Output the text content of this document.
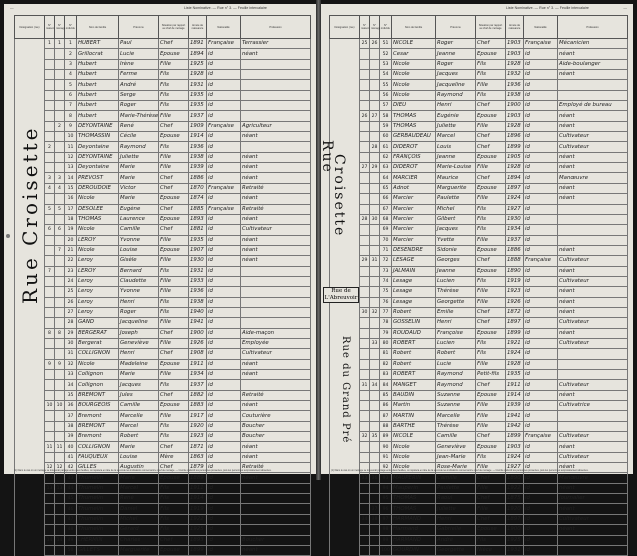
Liste Nominative. — Rue n° 3. — Feuille intercalaire
—
Désignation (rue)	N° maison	N° ménage	N° individu	Nom de famille	Prénoms	Situation par rapport au chef de ménage	Année de naissance	Nationalité	Profession
	1	1	1	HUBERT	Paul	Chef	1891	Française	Terrassier
			2	Grillocrat	Lucie	Epouse	1894	id	néant
			3	Hubert	Irène	Fille	1925	id	
			4	Hubert	Ferme	Fils	1928	id	
			5	Hubert	André	Fils	1931	id	
			6	Hubert	Serge	Fils	1935	id	
			7	Hubert	Roger	Fils	1935	id	
			8	Hubert	Marie-Thérèse	Fille	1937	id	
		2	9	DEYONTAINE	René	Chef	1909	Française	Agriculteur
			10	THOMASSIN	Cécile	Epouse	1914	id	néant
	2		11	Deyontaine	Raymond	Fils	1936	id	
			12	DEYONTAINE	Juliette	Fille	1938	id	néant
			13	Deyontaine	Marie	Fille	1939	id	néant
	3	3	14	PREVOST	Marie	Chef	1886	id	néant
	4	4	15	DEROUDOIE	Victor	Chef	1870	Française	Retraité
			16	Nicole	Marie	Epouse	1874	id	néant
	5	5	17	DESOLEE	Eugène	Chef	1885	Française	Retraité
			18	THOMAS	Laurence	Epouse	1893	id	néant
	6	6	19	Nicole	Camille	Chef	1881	id	Cultivateur
			20	LEROY	Yvonne	Fille	1935	id	néant
		7	21	Nicole	Louise	Epouse	1907	id	néant
			22	Leroy	Gisèle	Fille	1930	id	néant
	7		23	LEROY	Bernard	Fils	1931	id	
			24	Leroy	Claudette	Fille	1933	id	
			25	Leroy	Yvonne	Fille	1936	id	
			26	Leroy	Henri	Fils	1938	id	
			27	Leroy	Roger	Fils	1940	id	
			28	GAND	Jacqueline	Fille	1941	id	
	8	8	29	BERGERAT	Joseph	Chef	1900	id	Aide-maçon
			30	Bergerat	Geneviève	Fille	1926	id	Employée
			31	COLLIGNON	Henri	Chef	1908	id	Cultivateur
	9	9	32	Nicole	Madeleine	Epouse	1911	id	néant
			33	Collignon	Marie	Fille	1934	id	néant
			34	Collignon	Jacques	Fils	1937	id	
			35	BREMONT	Jules	Chef	1882	id	Retraité
	10	10	36	BOURGEOIS	Camille	Epouse	1883	id	néant
			37	Bremont	Marcelle	Fille	1917	id	Couturière
			38	BREMONT	Marcel	Fils	1920	id	Boucher
			39	Bremont	Robert	Fils	1923	id	Boucher
	11	11	40	COLLIGNON	Marie	Chef	1871	id	néant
			41	FAUQUEUX	Louise	Mère	1863	id	néant
	12	12	42	GILLES	Augustin	Chef	1879	id	Retraité
			43	Thumelin	Marie	Epouse	1889	id	néant
	13	13	44	Thumelin	Marcel	Fils	1911	id	
			45	Thumelin	René	Fils	1914	id	
			46	Thumelin	Daniel	Fils	1919	id	
			47	Thumelin	Michel	Fils	1922	id	
			48	Thumelin	Gérard	Fils	1925	id	
	14	14	49	LHERMIN	Charles	Chef	1893	id	Boucher
			50	GILLETS	Marguerite	Epouse	1899	id	néant
Rue Croisette
(1) Dans le cas où un ménage se trouverait partagé entre deux feuilles, on répétera en tête de la seconde les indications concernant le chef de ménage. — Inscrire d'abord les personnes présentes, puis les personnes temporairement absentes.
Liste Nominative. — Rue n° 3. — Feuille intercalaire	—
Désignation (rue)	N° maison	N° ménage	N° individu	Nom de famille	Prénoms	Situation par rapport au chef de ménage	Année de naissance	Nationalité	Profession
	25	26	51	NICOLE	Roger	Chef	1903	Française	Mécanicien
			52	Cesar	Jeanne	Epouse	1903	id	néant
			53	Nicole	Roger	Fils	1928	id	Aide-boulanger
			54	Nicole	Jacques	Fils	1932	id	néant
			55	Nicole	Jacqueline	Fille	1936	id	
			56	Nicole	Raymond	Fils	1938	id	
			57	DIEU	Henri	Chef	1900	id	Employé de bureau
	26	27	58	THOMAS	Eugénie	Epouse	1903	id	néant
			59	THOMAS	Juliette	Fille	1928	id	néant
			60	GERBAUDEAU	Marcel	Chef	1896	id	Cultivateur
		28	61	DIDEROT	Louis	Chef	1899	id	Cultivateur
			62	FRANÇOIS	Jeanne	Epouse	1905	id	néant
	27	29	63	DIDEROT	Marie-Louise	Fille	1928	id	néant
			64	MARCIER	Maurice	Chef	1894	id	Manœuvre
			65	Adnot	Marguerite	Epouse	1897	id	néant
			66	Marcier	Paulette	Fille	1924	id	néant
			67	Marcier	Michel	Fils	1927	id	
	28	30	68	Marcier	Gilbert	Fils	1930	id	
			69	Marcier	Jacques	Fils	1934	id	
			70	Marcier	Yvette	Fille	1937	id	
			71	DESENDRE	Sidonie	Epouse	1886	id	néant
	29	31	72	LESAGE	Georges	Chef	1888	Française	Cultivateur
			73	JALMAIN	Jeanne	Epouse	1890	id	néant
			74	Lesage	Lucien	Fils	1919	id	Cultivateur
			75	Lesage	Thérèse	Fille	1923	id	néant
			76	Lesage	Georgette	Fille	1926	id	néant
	30	32	77	Robert	Emilie	Chef	1872	id	néant
			78	GOSSELIN	Henri	Chef	1897	id	Cultivateur
			79	ROUDAUD	Françoise	Epouse	1899	id	néant
		33	80	ROBERT	Lucien	Fils	1921	id	Cultivateur
			81	Robert	Robert	Fils	1924	id	
			82	Robert	Lucie	Fille	1928	id	
			83	ROBERT	Raymond	Petit-fils	1935	id	
	31	34	84	MANGET	Raymond	Chef	1911	id	Cultivateur
			85	BAUDIN	Suzanne	Epouse	1914	id	néant
			86	Martin	Suzanne	Fille	1939	id	Cultivatrice
			87	MARTIN	Marcelle	Fille	1941	id	
			88	BARTHE	Thérèse	Fille	1942	id	
	32	35	89	NICOLE	Camille	Chef	1899	Française	Cultivateur
			90	Nicole	Geneviève	Epouse	1903	id	néant
			91	Nicole	Jean-Marie	Fils	1924	id	Cultivateur
			92	Nicole	Rose-Marie	Fille	1927	id	néant
	33	36	93	MAUPERIN	Camille	Chef	1890	id	Manœuvre
			94	Mauperin	Paulette	Fille	1922	id	néant
			95	THOMAS	Raoul	Chef	1875	id	Journalier
		37	96	THOMAS	Juliette	Fille	1920	id	néant
	34	38	97	HARMAND	Henri	Chef	1897	id	Cultivateur
			98	Harmand	Gabrielle	Epouse	1900	id	néant
			99	HARMAND	André	Fils	1925	id	
			100	GOURDIN	Georgette	Nièce	1931	id	
Rue
Croisette
Rue de L'Abreuvoir
Rue du Grand Pré
(1) Dans le cas où un ménage se trouverait partagé entre deux feuilles, on répétera en tête de la seconde les indications concernant le chef de ménage. — Inscrire d'abord les personnes présentes, puis les personnes temporairement absentes.
